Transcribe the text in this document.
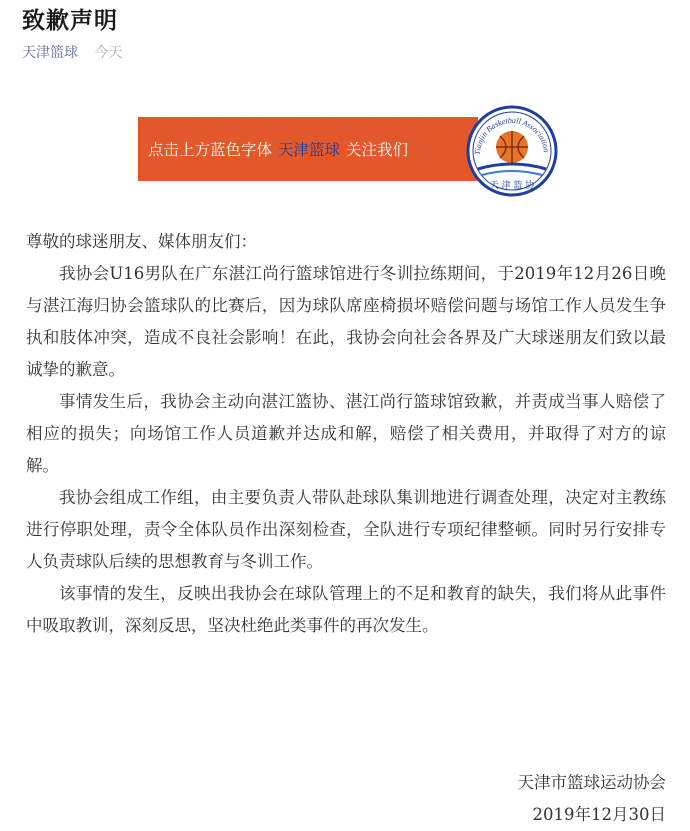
致歉声明
天津篮球 今天
点击上方蓝色字体 天津篮球 关注我们	Tianjin Basketball Association
天 津 篮 协

尊敬的球迷朋友、媒体朋友们：

我协会U16男队在广东湛江尚行篮球馆进行冬训拉练期间，于2019年12月26日晚与湛江海归协会篮球队的比赛后，因为球队席座椅损坏赔偿问题与场馆工作人员发生争执和肢体冲突，造成不良社会影响！在此，我协会向社会各界及广大球迷朋友们致以最诚挚的歉意。

事情发生后，我协会主动向湛江篮协、湛江尚行篮球馆致歉，并责成当事人赔偿了相应的损失；向场馆工作人员道歉并达成和解，赔偿了相关费用，并取得了对方的谅解。

我协会组成工作组，由主要负责人带队赴球队集训地进行调查处理，决定对主教练进行停职处理，责令全体队员作出深刻检查，全队进行专项纪律整顿。同时另行安排专人负责球队后续的思想教育与冬训工作。

该事情的发生，反映出我协会在球队管理上的不足和教育的缺失，我们将从此事件中吸取教训，深刻反思，坚决杜绝此类事件的再次发生。

天津市篮球运动协会
2019年12月30日
